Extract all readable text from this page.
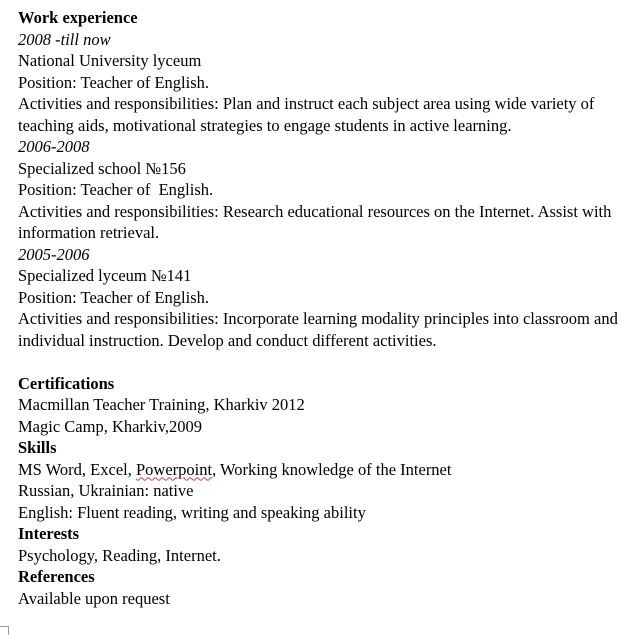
Work experience
2008 -till now
National University lyceum
Position: Teacher of English.
Activities and responsibilities: Plan and instruct each subject area using wide variety of teaching aids, motivational strategies to engage students in active learning.
2006-2008
Specialized school №156
Position: Teacher of  English.
Activities and responsibilities: Research educational resources on the Internet. Assist with information retrieval.
2005-2006
Specialized lyceum №141
Position: Teacher of English.
Activities and responsibilities: Incorporate learning modality principles into classroom and individual instruction. Develop and conduct different activities.
Certifications
Macmillan Teacher Training, Kharkiv 2012
Magic Camp, Kharkiv,2009
Skills
MS Word, Excel, Powerpoint, Working knowledge of the Internet
Russian, Ukrainian: native
English: Fluent reading, writing and speaking ability
Interests
Psychology, Reading, Internet.
References
Available upon request
